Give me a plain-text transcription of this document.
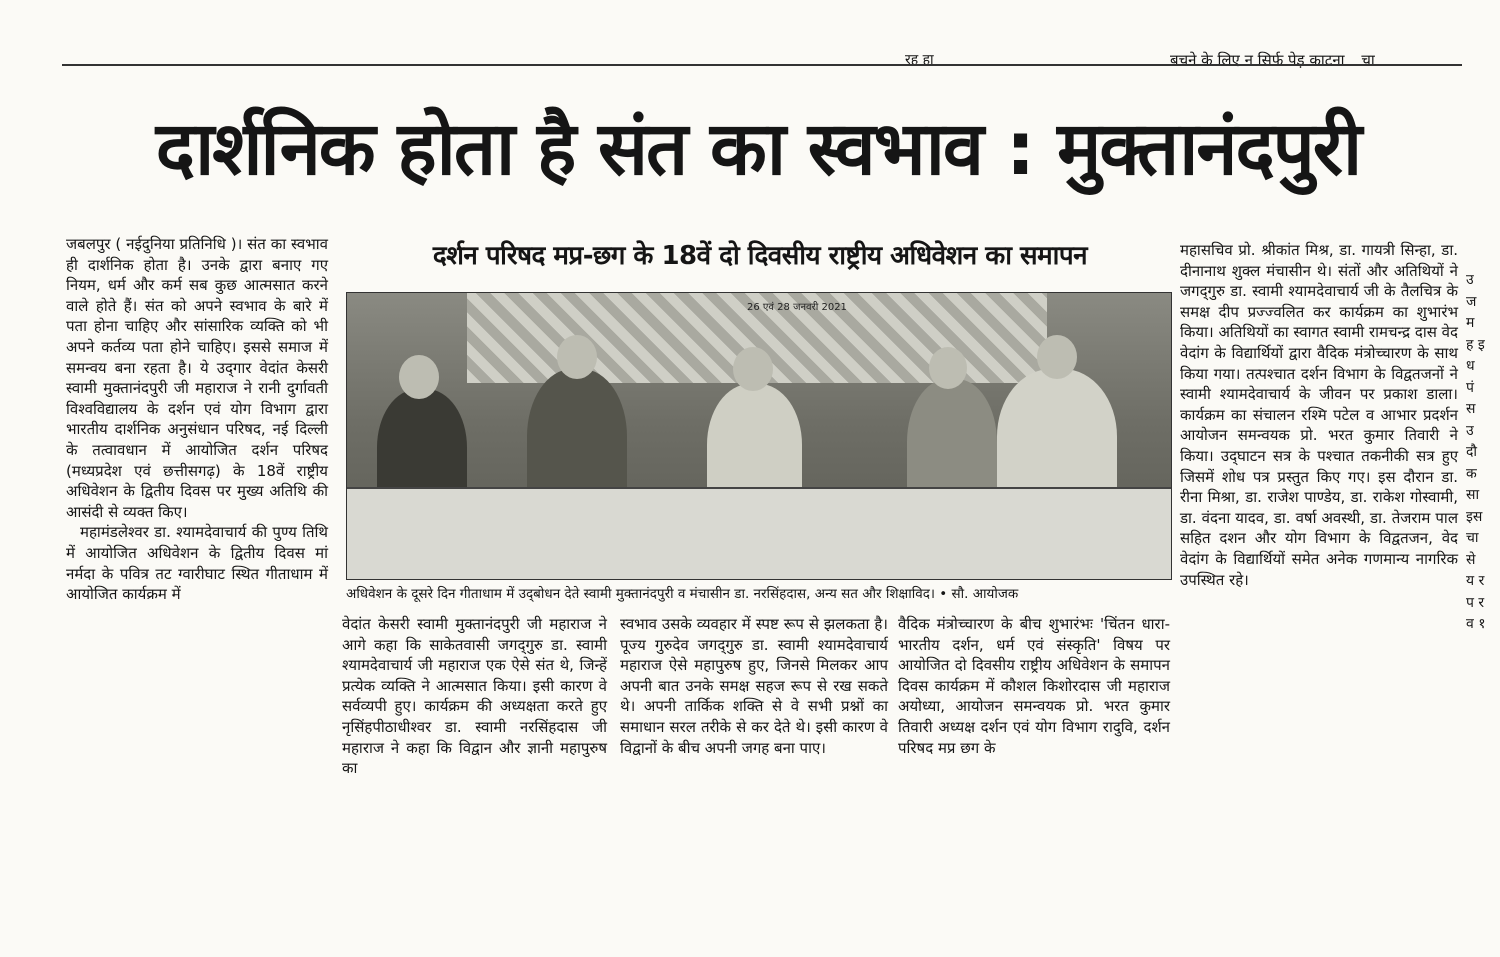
रह हा	बचने के लिए न सिर्फ पेड़ काटना चा
दार्शनिक होता है संत का स्वभाव : मुक्तानंदपुरी
दर्शन परिषद मप्र-छग के 18वें दो दिवसीय राष्ट्रीय अधिवेशन का समापन

जबलपुर ( नईदुनिया प्रतिनिधि )। संत का स्वभाव ही दार्शनिक होता है। उनके द्वारा बनाए गए नियम, धर्म और कर्म सब कुछ आत्मसात करने वाले होते हैं। संत को अपने स्वभाव के बारे में पता होना चाहिए और सांसारिक व्यक्ति को भी अपने कर्तव्य पता होने चाहिए। इससे समाज में समन्वय बना रहता है। ये उद्‌गार वेदांत केसरी स्वामी मुक्तानंदपुरी जी महाराज ने रानी दुर्गावती विश्वविद्यालय के दर्शन एवं योग विभाग द्वारा भारतीय दार्शनिक अनुसंधान परिषद, नई दिल्ली के तत्वावधान में आयोजित दर्शन परिषद (मध्यप्रदेश एवं छत्तीसगढ़) के 18वें राष्ट्रीय अधिवेशन के द्वितीय दिवस पर मुख्य अतिथि की आसंदी से व्यक्त किए।

महामंडलेश्वर डा. श्यामदेवाचार्य की पुण्य तिथि में आयोजित अधिवेशन के द्वितीय दिवस मां नर्मदा के पवित्र तट ग्वारीघाट स्थित गीताधाम में आयोजित कार्यक्रम में

26 एवं 28 जनवरी 2021
अधिवेशन के दूसरे दिन गीताधाम में उद्‌बोधन देते स्वामी मुक्तानंदपुरी व मंचासीन डा. नरसिंहदास, अन्य सत और शिक्षाविद। • सौ. आयोजक
वेदांत केसरी स्वामी मुक्तानंदपुरी जी महाराज ने आगे कहा कि साकेतवासी जगद्‌गुरु डा. स्वामी श्यामदेवाचार्य जी महाराज एक ऐसे संत थे, जिन्हें प्रत्येक व्यक्ति ने आत्मसात किया। इसी कारण वे सर्वव्यपी हुए। कार्यक्रम की अध्यक्षता करते हुए नृसिंहपीठाधीश्वर डा. स्वामी नरसिंहदास जी महाराज ने कहा कि विद्वान और ज्ञानी महापुरुष का
स्वभाव उसके व्यवहार में स्पष्ट रूप से झलकता है। पूज्य गुरुदेव जगद्‌गुरु डा. स्वामी श्यामदेवाचार्य महाराज ऐसे महापुरुष हुए, जिनसे मिलकर आप अपनी बात उनके समक्ष सहज रूप से रख सकते थे। अपनी तार्किक शक्ति से वे सभी प्रश्नों का समाधान सरल तरीके से कर देते थे। इसी कारण वे विद्वानों के बीच अपनी जगह बना पाए।
वैदिक मंत्रोच्चारण के बीच शुभारंभः 'चिंतन धारा-भारतीय दर्शन, धर्म एवं संस्कृति' विषय पर आयोजित दो दिवसीय राष्ट्रीय अधिवेशन के समापन दिवस कार्यक्रम में कौशल किशोरदास जी महाराज अयोध्या, आयोजन समन्वयक प्रो. भरत कुमार तिवारी अध्यक्ष दर्शन एवं योग विभाग रादुवि, दर्शन परिषद मप्र छग के
महासचिव प्रो. श्रीकांत मिश्र, डा. गायत्री सिन्हा, डा. दीनानाथ शुक्ल मंचासीन थे। संतों और अतिथियों ने जगद्‌गुरु डा. स्वामी श्यामदेवाचार्य जी के तैलचित्र के समक्ष दीप प्रज्ज्वलित कर कार्यक्रम का शुभारंभ किया। अतिथियों का स्वागत स्वामी रामचन्द्र दास वेद वेदांग के विद्यार्थियों द्वारा वैदिक मंत्रोच्चारण के साथ किया गया। तत्पश्चात दर्शन विभाग के विद्वतजनों ने स्वामी श्यामदेवाचार्य के जीवन पर प्रकाश डाला। कार्यक्रम का संचालन रश्मि पटेल व आभार प्रदर्शन आयोजन समन्वयक प्रो. भरत कुमार तिवारी ने किया। उद्‌घाटन सत्र के पश्चात तकनीकी सत्र हुए जिसमें शोध पत्र प्रस्तुत किए गए। इस दौरान डा. रीना मिश्रा, डा. राजेश पाण्डेय, डा. राकेश गोस्वामी, डा. वंदना यादव, डा. वर्षा अवस्थी, डा. तेजराम पाल सहित दशन और योग विभाग के विद्वतजन, वेद वेदांग के विद्यार्थियों समेत अनेक गणमान्य नागरिक उपस्थित रहे।
उ ज म ह इ ध पं स उ दौ क सा इस चा से य र प र व १
